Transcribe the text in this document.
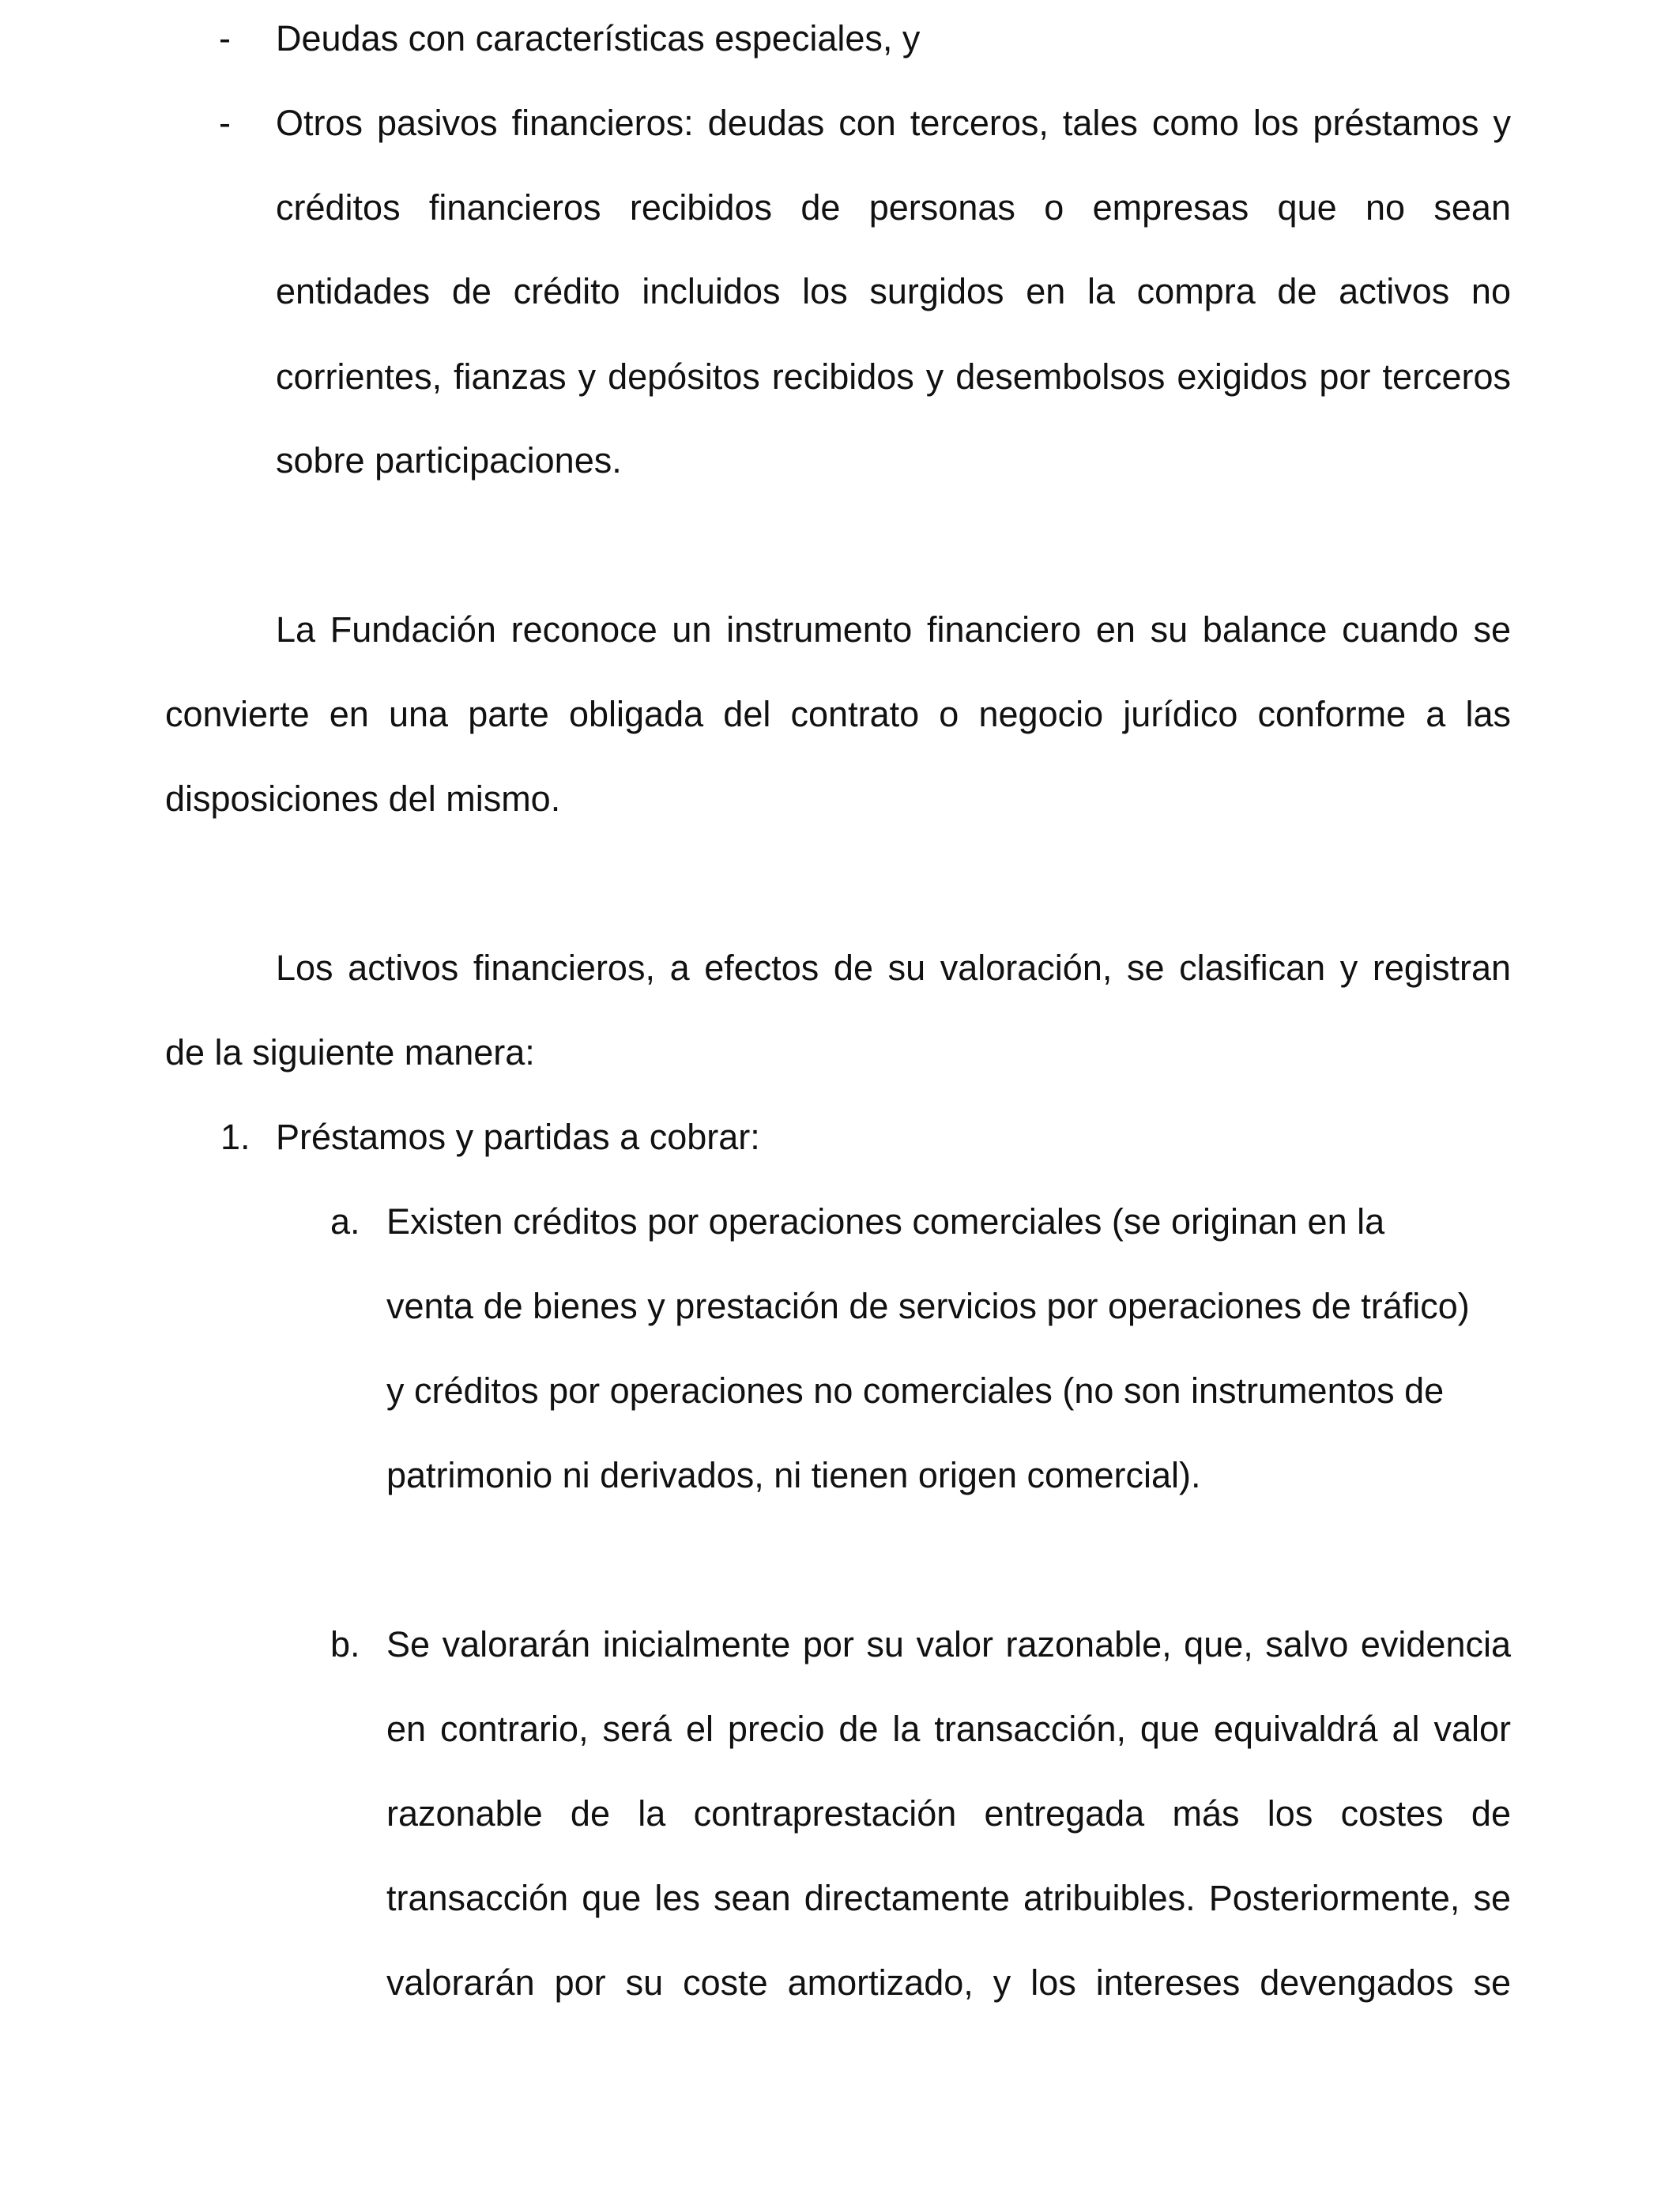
- Deudas con características especiales, y
- Otros pasivos financieros: deudas con terceros, tales como los préstamos y
créditos financieros recibidos de personas o empresas que no sean
entidades de crédito incluidos los surgidos en la compra de activos no
corrientes, fianzas y depósitos recibidos y desembolsos exigidos por terceros
sobre participaciones.
La Fundación reconoce un instrumento financiero en su balance cuando se
convierte en una parte obligada del contrato o negocio jurídico conforme a las
disposiciones del mismo.
Los activos financieros, a efectos de su valoración, se clasifican y registran
de la siguiente manera:
1. Préstamos y partidas a cobrar:
a. Existen créditos por operaciones comerciales (se originan en la
venta de bienes y prestación de servicios por operaciones de tráfico)
y créditos por operaciones no comerciales (no son instrumentos de
patrimonio ni derivados, ni tienen origen comercial).
b. Se valorarán inicialmente por su valor razonable, que, salvo evidencia
en contrario, será el precio de la transacción, que equivaldrá al valor
razonable de la contraprestación entregada más los costes de
transacción que les sean directamente atribuibles. Posteriormente, se
valorarán por su coste amortizado, y los intereses devengados se
